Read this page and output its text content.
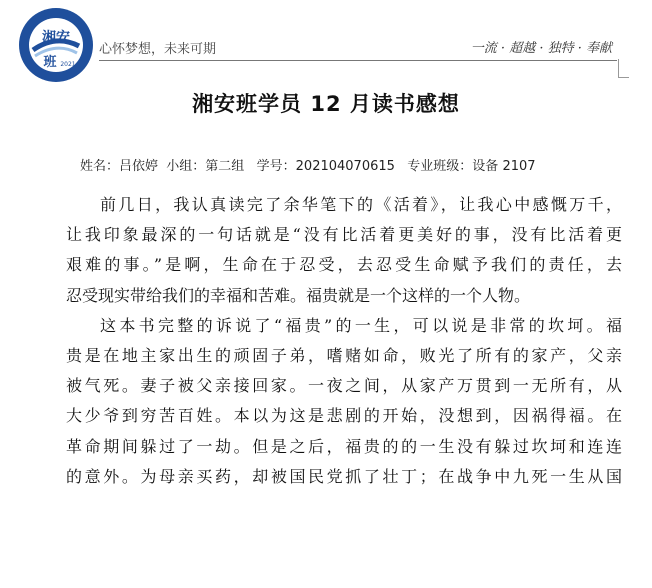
湘安
班 2021
心怀梦想，未来可期	一流 · 超越 · 独特 · 奉献
湘安班学员 12 月读书感想
姓名：吕依婷  小组：第二组   学号：202104070615   专业班级：设备 2107
前几日，我认真读完了余华笔下的《活着》，让我心中感慨万千，
让我印象最深的一句话就是“没有比活着更美好的事，没有比活着更
艰难的事。”是啊，生命在于忍受，去忍受生命赋予我们的责任，去
忍受现实带给我们的幸福和苦难。福贵就是一个这样的一个人物。
这本书完整的诉说了“福贵”的一生，可以说是非常的坎坷。福
贵是在地主家出生的顽固子弟，嗜赌如命，败光了所有的家产，父亲
被气死。妻子被父亲接回家。一夜之间，从家产万贯到一无所有，从
大少爷到穷苦百姓。本以为这是悲剧的开始，没想到，因祸得福。在
革命期间躲过了一劫。但是之后，福贵的的一生没有躲过坎坷和连连
的意外。为母亲买药，却被国民党抓了壮丁；在战争中九死一生从国
